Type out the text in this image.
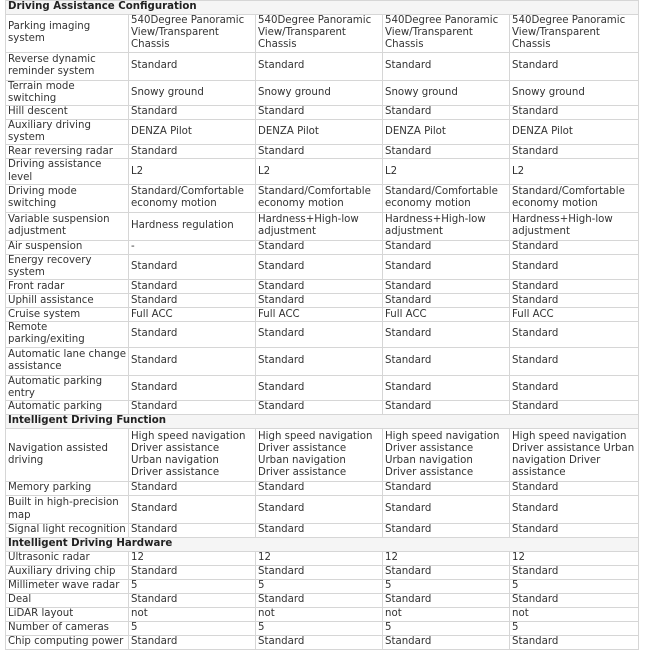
Driving Assistance Configuration				
Parking imaging system	540Degree Panoramic View/Transparent Chassis	540Degree Panoramic View/Transparent Chassis	540Degree Panoramic View/Transparent Chassis	540Degree Panoramic View/Transparent Chassis
Reverse dynamic reminder system	Standard	Standard	Standard	Standard
Terrain mode switching	Snowy ground	Snowy ground	Snowy ground	Snowy ground
Hill descent	Standard	Standard	Standard	Standard
Auxiliary driving system	DENZA Pilot	DENZA Pilot	DENZA Pilot	DENZA Pilot
Rear reversing radar	Standard	Standard	Standard	Standard
Driving assistance level	L2	L2	L2	L2
Driving mode switching	Standard/Comfortable economy motion	Standard/Comfortable economy motion	Standard/Comfortable economy motion	Standard/Comfortable economy motion
Variable suspension adjustment	Hardness regulation	Hardness+High-low adjustment	Hardness+High-low adjustment	Hardness+High-low adjustment
Air suspension	-	Standard	Standard	Standard
Energy recovery system	Standard	Standard	Standard	Standard
Front radar	Standard	Standard	Standard	Standard
Uphill assistance	Standard	Standard	Standard	Standard
Cruise system	Full ACC	Full ACC	Full ACC	Full ACC
Remote parking/exiting	Standard	Standard	Standard	Standard
Automatic lane change assistance	Standard	Standard	Standard	Standard
Automatic parking entry	Standard	Standard	Standard	Standard
Automatic parking	Standard	Standard	Standard	Standard
Intelligent Driving Function				
Navigation assisted driving	High speed navigation Driver assistance Urban navigation Driver assistance	High speed navigation Driver assistance Urban navigation Driver assistance	High speed navigation Driver assistance Urban navigation Driver assistance	High speed navigation Driver assistance Urban navigation Driver assistance
Memory parking	Standard	Standard	Standard	Standard
Built in high-precision map	Standard	Standard	Standard	Standard
Signal light recognition	Standard	Standard	Standard	Standard
Intelligent Driving Hardware				
Ultrasonic radar	12	12	12	12
Auxiliary driving chip	Standard	Standard	Standard	Standard
Millimeter wave radar	5	5	5	5
Deal	Standard	Standard	Standard	Standard
LiDAR layout	not	not	not	not
Number of cameras	5	5	5	5
Chip computing power	Standard	Standard	Standard	Standard
